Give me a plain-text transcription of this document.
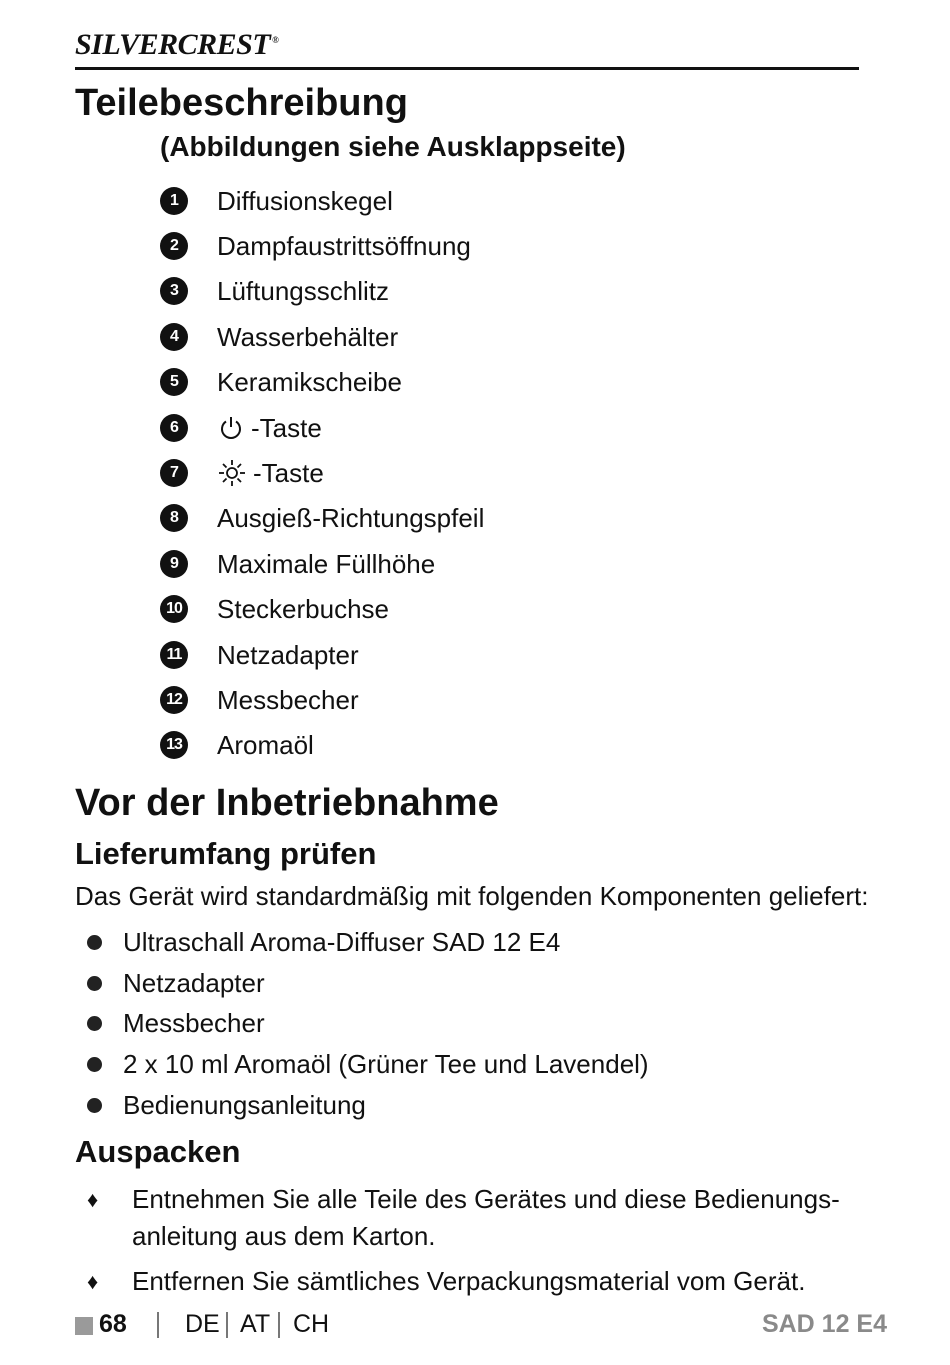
SILVERCREST ®
Teilebeschreibung
(Abbildungen siehe Ausklappseite)
1	Diffusionskegel
2	Dampfaustrittsöffnung
3	Lüftungsschlitz
4	Wasserbehälter
5	Keramikscheibe
6	-Taste
7	-Taste
8	Ausgieß-Richtungspfeil
9	Maximale Füllhöhe
10 Steckerbuchse
11 Netzadapter
12 Messbecher
13 Aromaöl
Vor der Inbetriebnahme
Lieferumfang prüfen
Das Gerät wird standardmäßig mit folgenden Komponenten geliefert:
Ultraschall Aroma-Diffuser SAD 12 E4
Netzadapter
Messbecher
2 x 10 ml Aromaöl (Grüner Tee und Lavendel)
Bedienungsanleitung
Auspacken
♦ Entnehmen Sie alle Teile des Gerätes und diese Bedienungs-
anleitung aus dem Karton.
♦ Entfernen Sie sämtliches Verpackungsmaterial vom Gerät.
68 DE AT CH	SAD 12 E4
